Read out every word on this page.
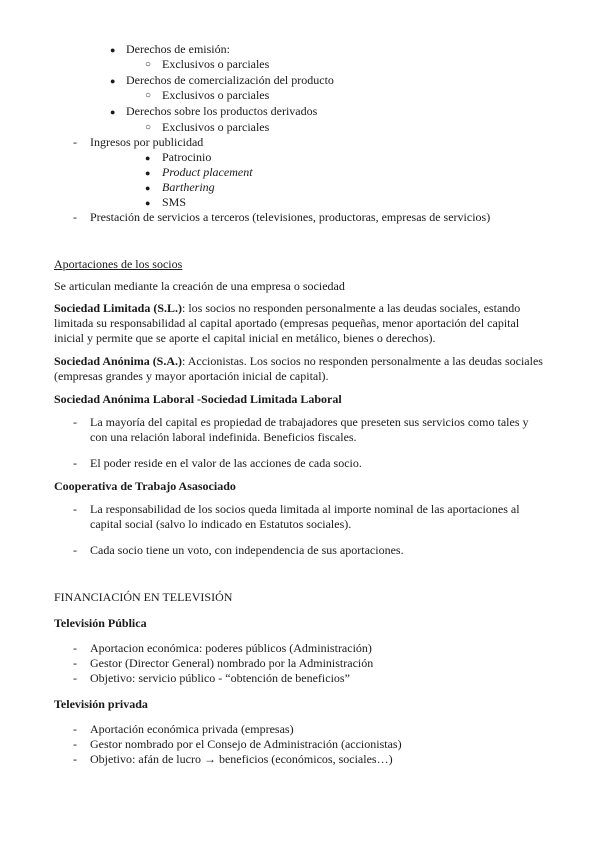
● Derechos de emisión:
○ Exclusivos o parciales
● Derechos de comercialización del producto
○ Exclusivos o parciales
● Derechos sobre los productos derivados
○ Exclusivos o parciales
- Ingresos por publicidad
● Patrocinio
● Product placement
● Barthering
● SMS
- Prestación de servicios a terceros (televisiones, productoras, empresas de servicios)
Aportaciones de los socios
Se articulan mediante la creación de una empresa o sociedad
Sociedad Limitada (S.L.): los socios no responden personalmente a las deudas sociales, estando limitada su responsabilidad al capital aportado (empresas pequeñas, menor aportación del capital inicial y permite que se aporte el capital inicial en metálico, bienes o derechos).
Sociedad Anónima (S.A.): Accionistas. Los socios no responden personalmente a las deudas sociales (empresas grandes y mayor aportación inicial de capital).
Sociedad Anónima Laboral -Sociedad Limitada Laboral
- La mayoría del capital es propiedad de trabajadores que preseten sus servicios como tales y con una relación laboral indefinida. Beneficios fiscales.
- El poder reside en el valor de las acciones de cada socio.
Cooperativa de Trabajo Asasociado
- La responsabilidad de los socios queda limitada al importe nominal de las aportaciones al capital social (salvo lo indicado en Estatutos sociales).
- Cada socio tiene un voto, con independencia de sus aportaciones.
FINANCIACIÓN EN TELEVISIÓN
Televisión Pública
- Aportacion económica: poderes públicos (Administración)
- Gestor (Director General) nombrado por la Administración
- Objetivo: servicio público - “obtención de beneficios”
Televisión privada
- Aportación económica privada (empresas)
- Gestor nombrado por el Consejo de Administración (accionistas)
- Objetivo: afán de lucro → beneficios (económicos, sociales…)
